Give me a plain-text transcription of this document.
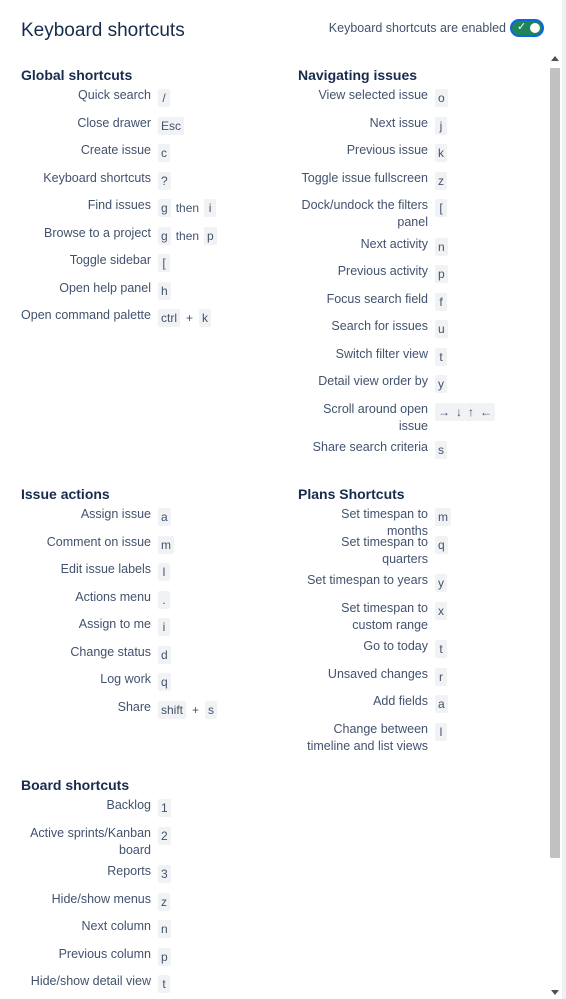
Keyboard shortcuts	Keyboard shortcuts are enabled ✓
Global shortcuts
Quick search /
Close drawer Esc
Create issue c
Keyboard shortcuts ?
Find issues g then i
Browse to a project g then p
Toggle sidebar [
Open help panel h
Open command palette ctrl + k
Navigating issues
View selected issue o
Next issue j
Previous issue k
Toggle issue fullscreen z
Dock/undock the filters panel
[
Next activity n
Previous activity p
Focus search field f
Search for issues u
Switch filter view t
Detail view order by y
Scroll around open issue
→ ↓ ↑ ←
Share search criteria s
Issue actions
Assign issue a
Comment on issue m
Edit issue labels l
Actions menu .
Assign to me i
Change status d
Log work q
Share shift + s
Plans Shortcuts
Set timespan to months
m
Set timespan to quarters
q
Set timespan to years y
Set timespan to custom range
x
Go to today t
Unsaved changes r
Add fields a
Change between timeline and list views
l
Board shortcuts
Backlog 1
Active sprints/Kanban board
2
Reports 3
Hide/show menus z
Next column n
Previous column p
Hide/show detail view t
